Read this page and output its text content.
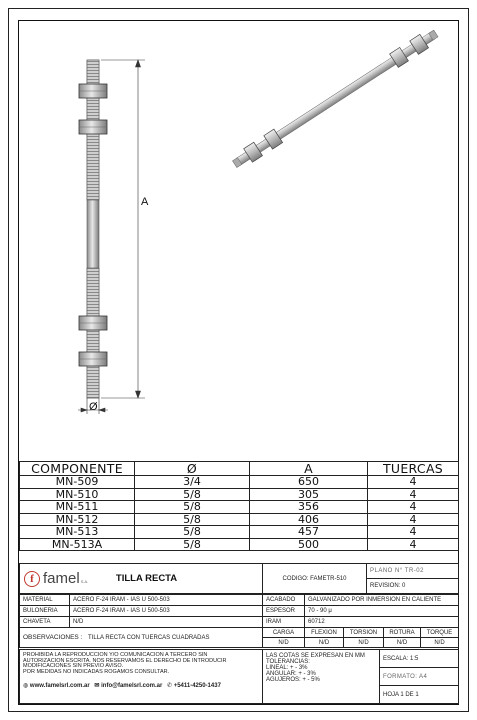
A
Ø
COMPONENTE	Ø	A	TUERCAS
MN-509	3/4	650	4
MN-510	5/8	305	4
MN-511	5/8	356	4
MN-512	5/8	406	4
MN-513	5/8	457	4
MN-513A	5/8	500	4
f famel S.A.	TILLA RECTA	CODIGO: FAMETR-510	PLANO N° TR-02
REVISION: 0
MATERIAL	ACERO F-24 IRAM - IAS U 500-503	ACABADO	GALVANIZADO POR INMERSION EN CALIENTE
BULONERIA	ACERO F-24 IRAM - IAS U 500-503	ESPESOR	70 - 90 μ
CHAVETA	N/D	IRAM	60712
OBSERVACIONES : TILLA RECTA CON TUERCAS CUADRADAS	CARGA	FLEXION	TORSION	ROTURA	TORQUE
	N/D	N/D	N/D	N/D	N/D
PROHIBIDA LA REPRODUCCION Y/O COMUNICACION A TERCERO SIN
AUTORIZACION ESCRITA. NOS RESERVAMOS EL DERECHO DE INTRODUCIR
MODIFICACIONES SIN PREVIO AVISO.
POR MEDIDAS NO INDICADAS ROGAMOS CONSULTAR.
◍ www.famelsrl.com.ar ✉ info@famelsrl.com.ar ✆ +5411-4250-1437

LAS COTAS SE EXPRESAN EN MM
TOLERANCIAS:
LINEAL: + - 3%
ANGULAR: + - 3%
AGUJEROS: + - 5%
	ESCALA: 1:5
FORMATO: A4
HOJA 1 DE 1
